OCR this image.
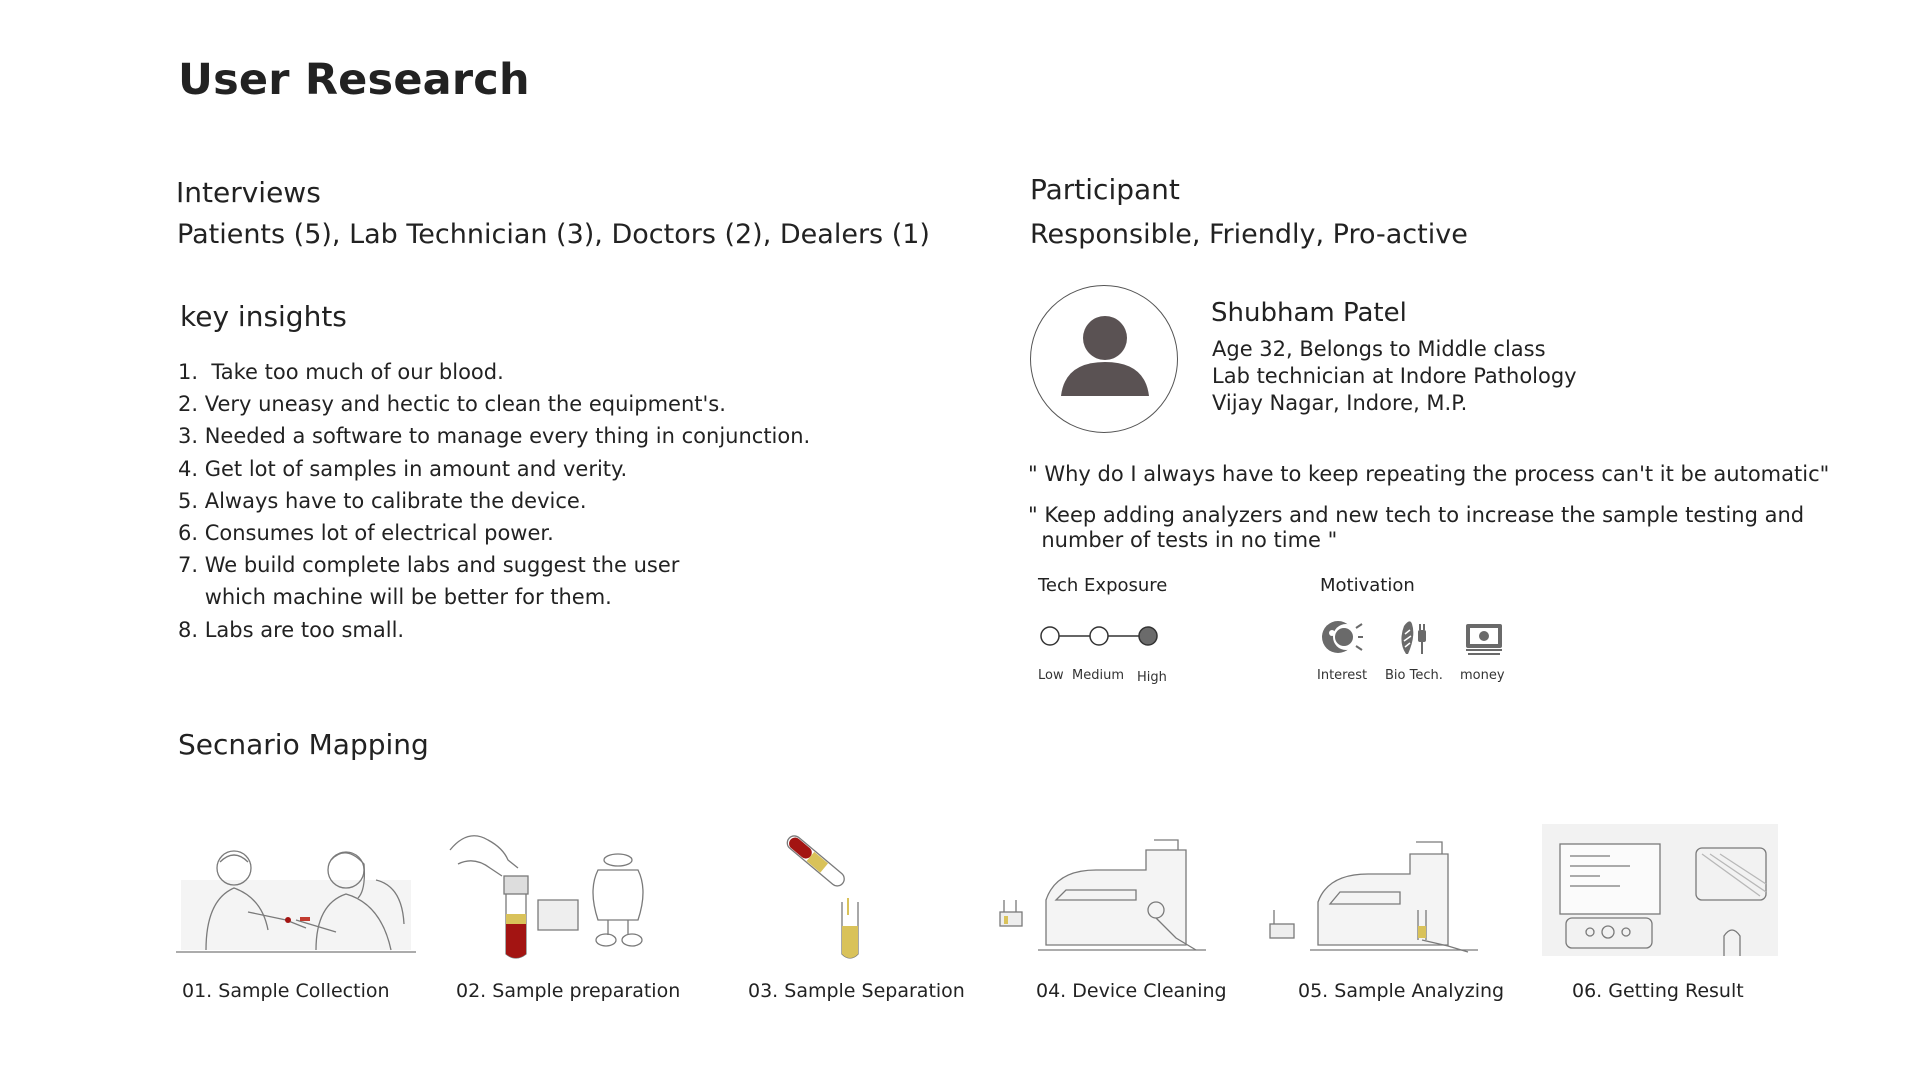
User Research
Interviews
Patients (5), Lab Technician (3), Doctors (2), Dealers (1)
key insights
1.  Take too much of our blood.
2. Very uneasy and hectic to clean the equipment's.
3. Needed a software to manage every thing in conjunction.
4. Get lot of samples in amount and verity.
5. Always have to calibrate the device.
6. Consumes lot of electrical power.
7. We build complete labs and suggest the user
which machine will be better for them.
8. Labs are too small.
Participant
Responsible, Friendly, Pro-active
Shubham Patel
Age 32, Belongs to Middle class
Lab technician at Indore Pathology
Vijay Nagar, Indore, M.P.
" Why do I always have to keep repeating the process can't it be automatic"
" Keep adding analyzers and new tech to increase the sample testing and
number of tests in no time "
Tech Exposure
Low Medium High
Motivation
Interest Bio Tech. money
Secnario Mapping
01. Sample Collection	02. Sample preparation	03. Sample Separation	04. Device Cleaning	05. Sample Analyzing	06. Getting Result
